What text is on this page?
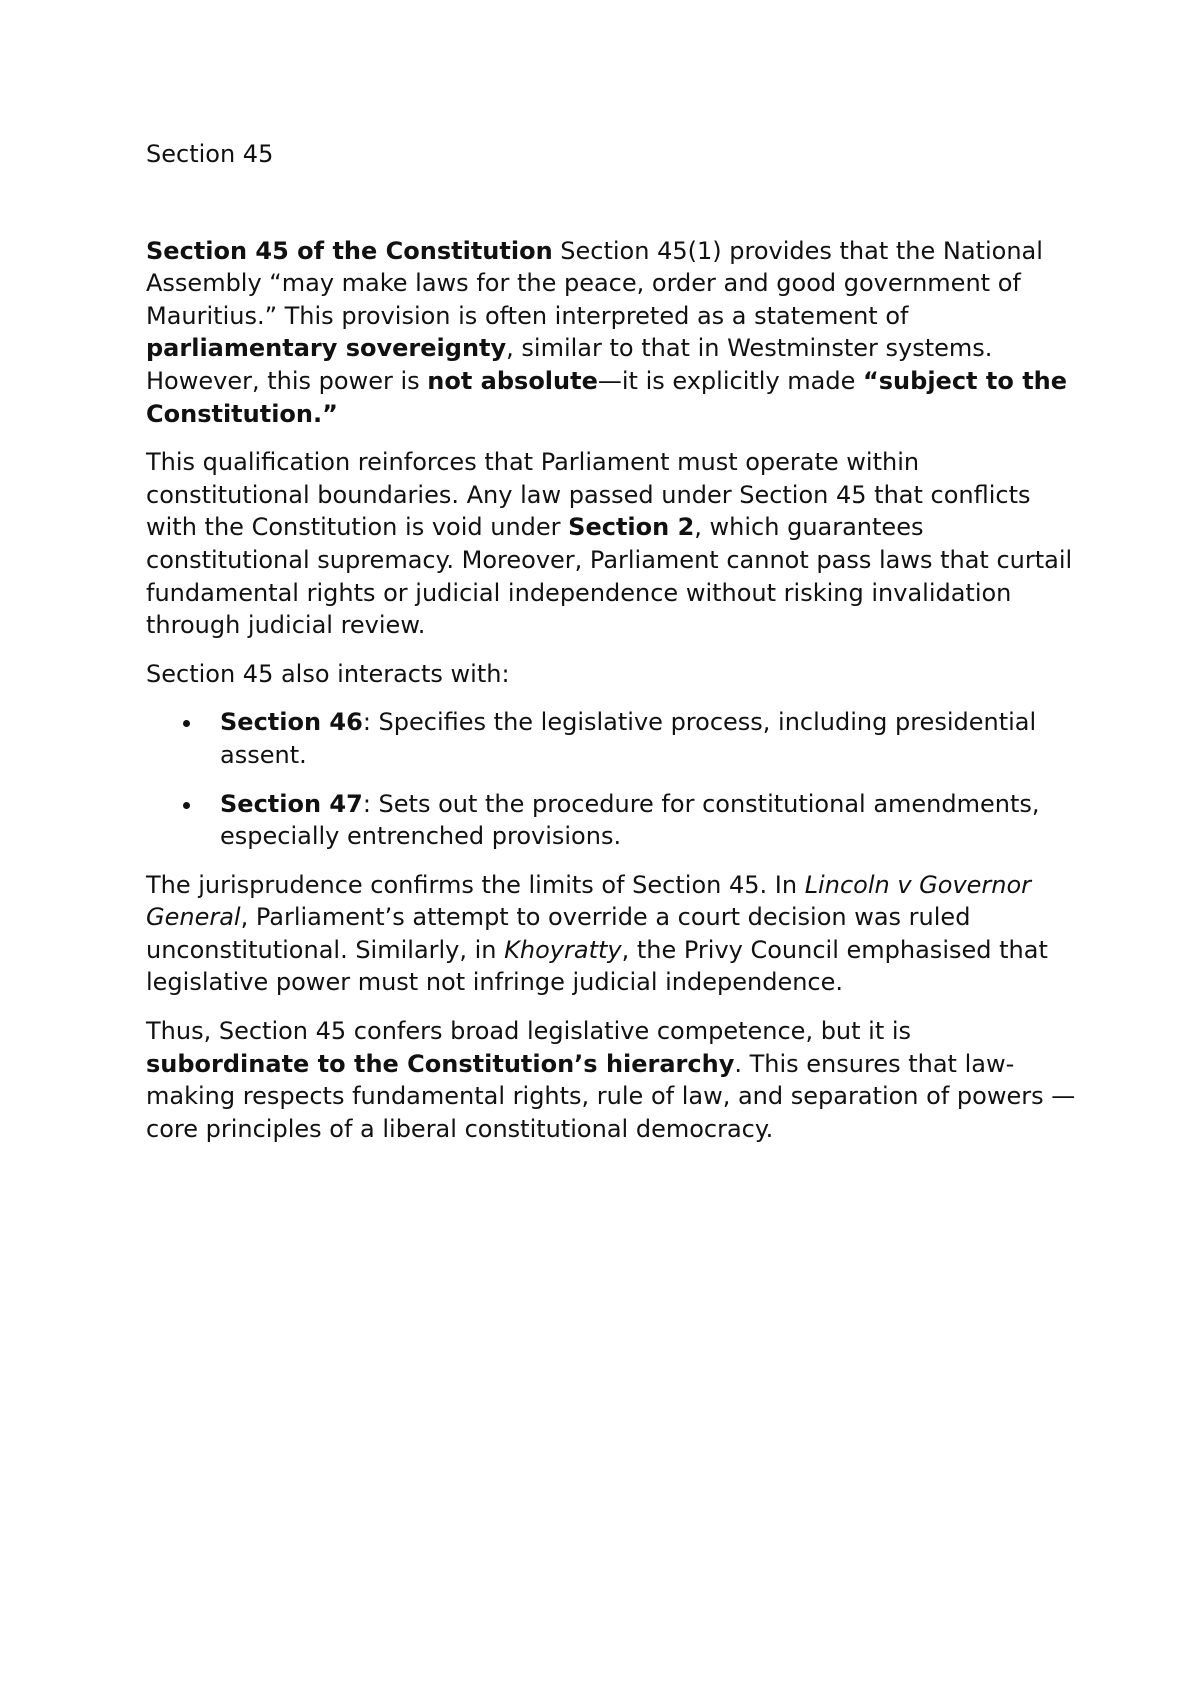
Section 45

Section 45 of the Constitution Section 45(1) provides that the National Assembly “may make laws for the peace, order and good government of Mauritius.” This provision is often interpreted as a statement of parliamentary sovereignty, similar to that in Westminster systems. However, this power is not absolute—it is explicitly made “subject to the Constitution.”

This qualification reinforces that Parliament must operate within constitutional boundaries. Any law passed under Section 45 that conflicts with the Constitution is void under Section 2, which guarantees constitutional supremacy. Moreover, Parliament cannot pass laws that curtail fundamental rights or judicial independence without risking invalidation through judicial review.

Section 45 also interacts with:

Section 46: Specifies the legislative process, including presidential assent.
Section 47: Sets out the procedure for constitutional amendments, especially entrenched provisions.

The jurisprudence confirms the limits of Section 45. In Lincoln v Governor General, Parliament’s attempt to override a court decision was ruled unconstitutional. Similarly, in Khoyratty, the Privy Council emphasised that legislative power must not infringe judicial independence.

Thus, Section 45 confers broad legislative competence, but it is subordinate to the Constitution’s hierarchy. This ensures that law-making respects fundamental rights, rule of law, and separation of powers —core principles of a liberal constitutional democracy.
